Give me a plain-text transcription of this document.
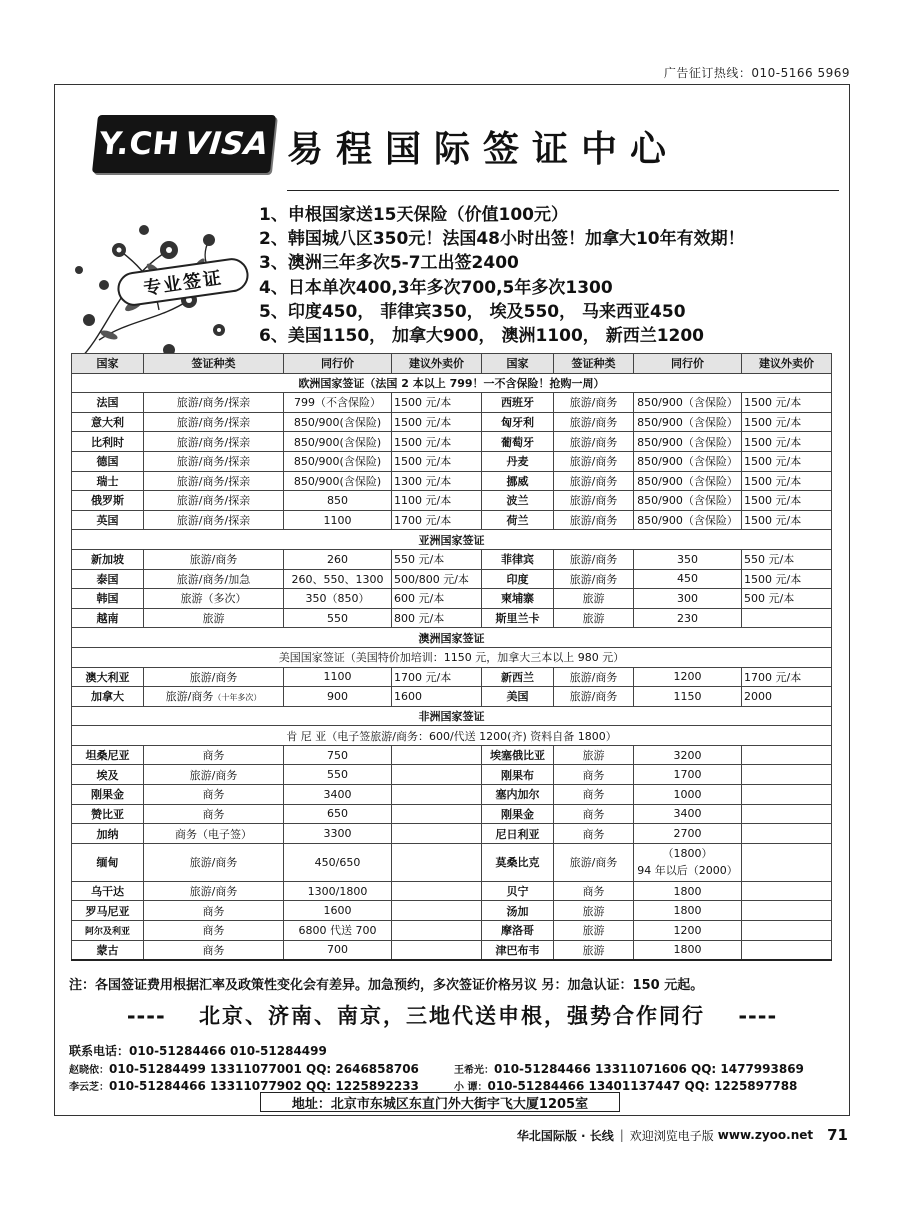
广告征订热线：010-5166 5969
Y.CH VISA 易程国际签证中心
专业签证
1、申根国家送15天保险（价值100元）
2、韩国城八区350元！法国48小时出签！加拿大10年有效期！
3、澳洲三年多次5-7工出签2400
4、日本单次400,3年多次700,5年多次1300
5、印度450， 菲律宾350， 埃及550， 马来西亚450
6、美国1150， 加拿大900， 澳洲1100， 新西兰1200
国家	签证种类	同行价	建议外卖价	国家	签证种类	同行价	建议外卖价
欧洲国家签证（法国 2 本以上 799！一不含保险！抢购一周）							
法国	旅游/商务/探亲	799（不含保险）	1500 元/本	西班牙	旅游/商务	850/900（含保险）	1500 元/本
意大利	旅游/商务/探亲	850/900(含保险)	1500 元/本	匈牙利	旅游/商务	850/900（含保险）	1500 元/本
比利时	旅游/商务/探亲	850/900(含保险)	1500 元/本	葡萄牙	旅游/商务	850/900（含保险）	1500 元/本
德国	旅游/商务/探亲	850/900(含保险)	1500 元/本	丹麦	旅游/商务	850/900（含保险）	1500 元/本
瑞士	旅游/商务/探亲	850/900(含保险)	1300 元/本	挪威	旅游/商务	850/900（含保险）	1500 元/本
俄罗斯	旅游/商务/探亲	850	1100 元/本	波兰	旅游/商务	850/900（含保险）	1500 元/本
英国	旅游/商务/探亲	1100	1700 元/本	荷兰	旅游/商务	850/900（含保险）	1500 元/本
亚洲国家签证							
新加坡	旅游/商务	260	550 元/本	菲律宾	旅游/商务	350	550 元/本
泰国	旅游/商务/加急	260、550、1300	500/800 元/本	印度	旅游/商务	450	1500 元/本
韩国	旅游（多次）	350（850）	600 元/本	柬埔寨	旅游	300	500 元/本
越南	旅游	550	800 元/本	斯里兰卡	旅游	230	
澳洲国家签证							
美国国家签证（美国特价加培训：1150 元，加拿大三本以上 980 元）							
澳大利亚	旅游/商务	1100	1700 元/本	新西兰	旅游/商务	1200	1700 元/本
加拿大	旅游/商务（十年多次）	900	1600	美国	旅游/商务	1150	2000
非洲国家签证							
肯 尼 亚（电子签旅游/商务：600/代送 1200(齐) 资料自备 1800）							
坦桑尼亚	商务	750		埃塞俄比亚	旅游	3200	
埃及	旅游/商务	550		刚果布	商务	1700	
刚果金	商务	3400		塞内加尔	商务	1000	
赞比亚	商务	650		刚果金	商务	3400	
加纳	商务（电子签）	3300		尼日利亚	商务	2700	
缅甸	旅游/商务	450/650		莫桑比克	旅游/商务	（1800）
94 年以后（2000）	

乌干达	旅游/商务	1300/1800		贝宁	商务	1800	
罗马尼亚	商务	1600		汤加	旅游	1800	
阿尔及利亚	商务	6800 代送 700		摩洛哥	旅游	1200	
蒙古	商务	700		津巴布韦	旅游	1800	
注：各国签证费用根据汇率及政策性变化会有差异。加急预约，多次签证价格另议 另：加急认证：150 元起。
---- 北京、济南、南京，三地代送申根，强势合作同行 ----
联系电话：010-51284466 010-51284499
赵晓依：010-51284499 13311077001 QQ: 2646858706	王希光：010-51284466 13311071606 QQ: 1477993869
李云芝：010-51284466 13311077902 QQ: 1225892233	小 谭：010-51284466 13401137447 QQ: 1225897788
地址：北京市东城区东直门外大街宇飞大厦1205室
华北国际版 · 长线 | 欢迎浏览电子版 www.zyoo.net 71
